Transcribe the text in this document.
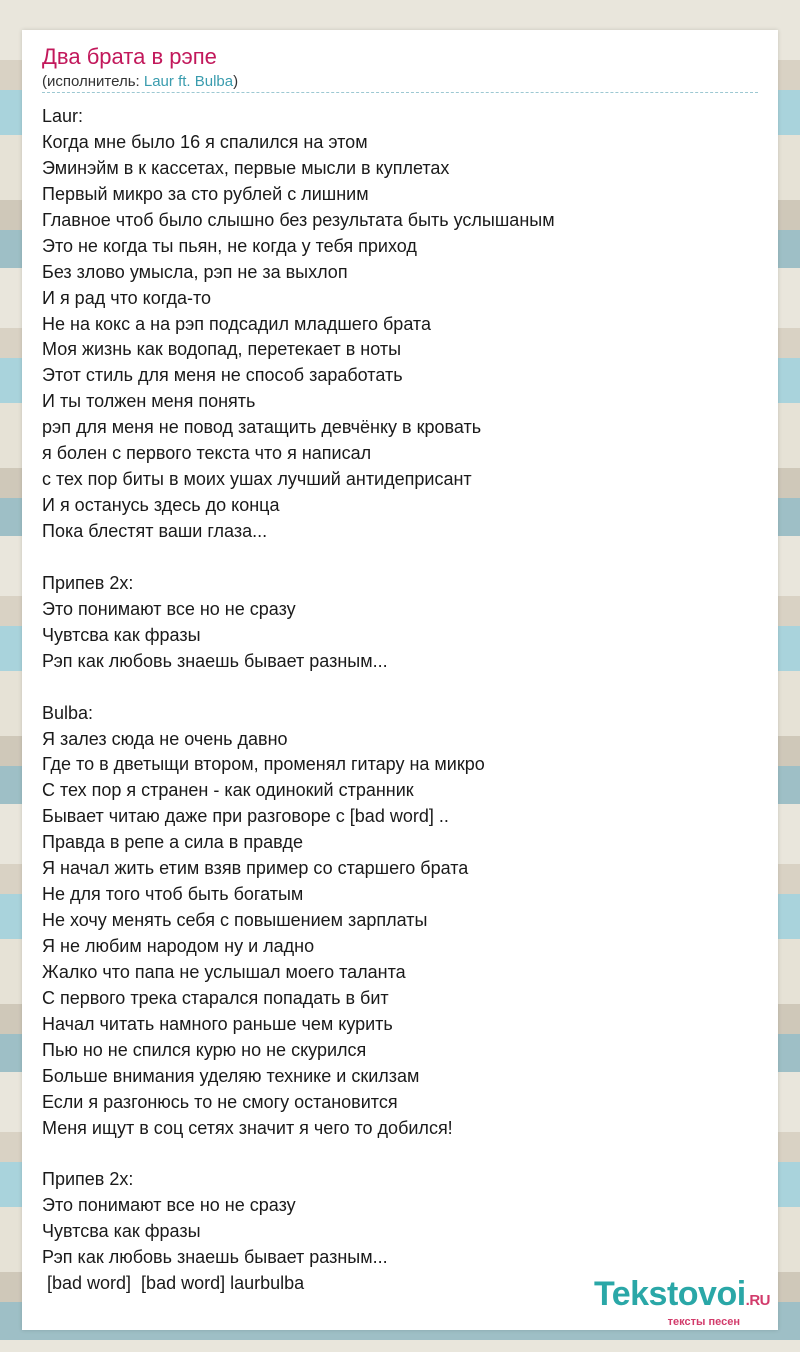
Два брата в рэпе
(исполнитель: Laur ft. Bulba)
Laur:
Когда мне было 16 я спалился на этом
Эминэйм в к кассетах, первые мысли в куплетах
Первый микро за сто рублей с лишним
Главное чтоб было слышно без результата быть услышаным
Это не когда ты пьян, не когда у тебя приход
Без злово умысла, рэп не за выхлоп
И я рад что когда-то
Не на кокс а на рэп подсадил младшего брата
Моя жизнь как водопад, перетекает в ноты
Этот стиль для меня не способ заработать
И ты толжен меня понять
рэп для меня не повод затащить девчёнку в кровать
я болен с первого текста что я написал
с тех пор биты в моих ушах лучший антидеприсант
И я останусь здесь до конца
Пока блестят ваши глаза...
Припев 2х:
Это понимают все но не сразу
Чувтсва как фразы
Рэп как любовь знаешь бывает разным...
Bulba:
Я залез сюда не очень давно
Где то в дветыщи втором, променял гитару на микро
С тех пор я странен - как одинокий странник
Бывает читаю даже при разговоре с [bad word] ..
Правда в репе а сила в правде
Я начал жить етим взяв пример со старшего брата
Не для того чтоб быть богатым
Не хочу менять себя с повышением зарплаты
Я не любим народом ну и ладно
Жалко что папа не услышал моего таланта
С первого трека старался попадать в бит
Начал читать намного раньше чем курить
Пью но не спился курю но не скурился
Больше внимания уделяю технике и скилзам
Если я разгонюсь то не смогу остановится
Меня ищут в соц сетях значит я чего то добился!
Припев 2х:
Это понимают все но не сразу
Чувтсва как фразы
Рэп как любовь знаешь бывает разным...
[bad word]  [bad word] laurbulba	Tekstovoi.RU
тексты песен
